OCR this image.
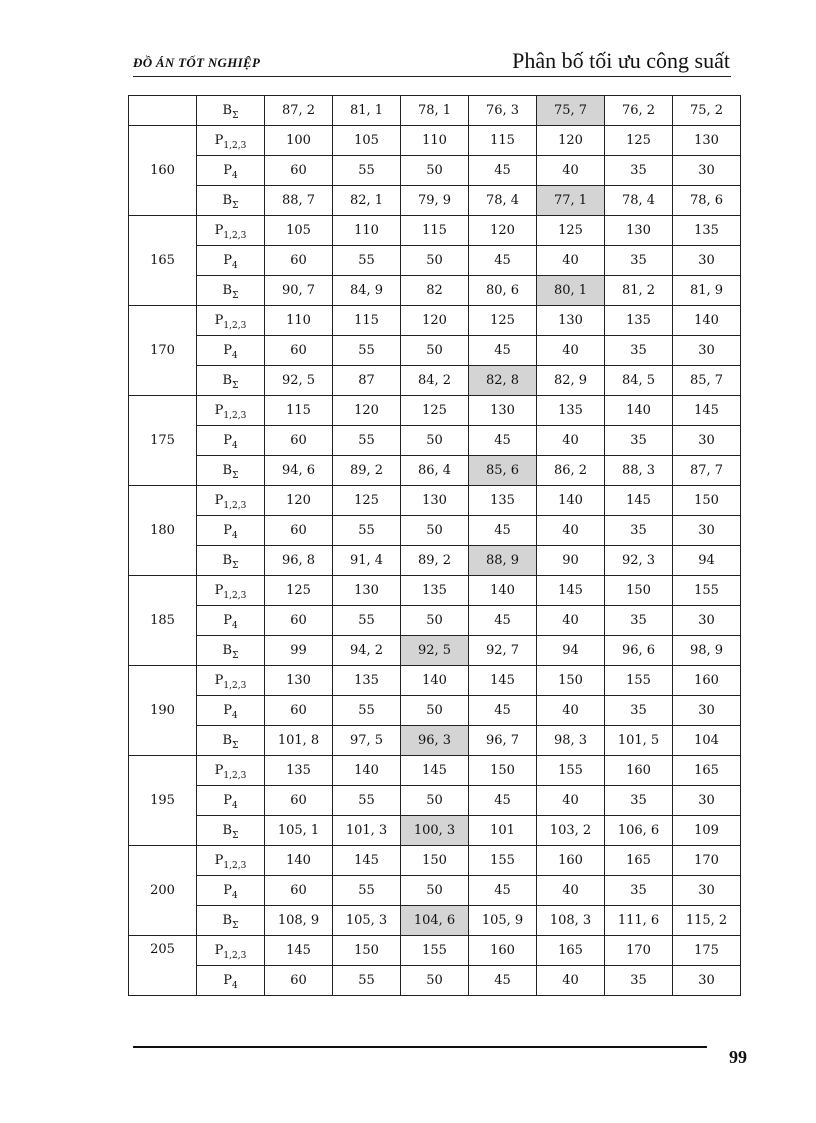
ĐỒ ÁN TỐT NGHIỆP	Phân bố tối ưu công suất
	$B_\Sigma$	87, 2	81, 1	78, 1	76, 3	75, 7	76, 2	75, 2
160	$P_{1,2,3}$	100	105	110	115	120	125	130
	$P_4$	60	55	50	45	40	35	30
	$B_\Sigma$	88, 7	82, 1	79, 9	78, 4	77, 1	78, 4	78, 6
165	$P_{1,2,3}$	105	110	115	120	125	130	135
	$P_4$	60	55	50	45	40	35	30
	$B_\Sigma$	90, 7	84, 9	82	80, 6	80, 1	81, 2	81, 9
170	$P_{1,2,3}$	110	115	120	125	130	135	140
	$P_4$	60	55	50	45	40	35	30
	$B_\Sigma$	92, 5	87	84, 2	82, 8	82, 9	84, 5	85, 7
175	$P_{1,2,3}$	115	120	125	130	135	140	145
	$P_4$	60	55	50	45	40	35	30
	$B_\Sigma$	94, 6	89, 2	86, 4	85, 6	86, 2	88, 3	87, 7
180	$P_{1,2,3}$	120	125	130	135	140	145	150
	$P_4$	60	55	50	45	40	35	30
	$B_\Sigma$	96, 8	91, 4	89, 2	88, 9	90	92, 3	94
185	$P_{1,2,3}$	125	130	135	140	145	150	155
	$P_4$	60	55	50	45	40	35	30
	$B_\Sigma$	99	94, 2	92, 5	92, 7	94	96, 6	98, 9
190	$P_{1,2,3}$	130	135	140	145	150	155	160
	$P_4$	60	55	50	45	40	35	30
	$B_\Sigma$	101, 8	97, 5	96, 3	96, 7	98, 3	101, 5	104
195	$P_{1,2,3}$	135	140	145	150	155	160	165
	$P_4$	60	55	50	45	40	35	30
	$B_\Sigma$	105, 1	101, 3	100, 3	101	103, 2	106, 6	109
200	$P_{1,2,3}$	140	145	150	155	160	165	170
	$P_4$	60	55	50	45	40	35	30
	$B_\Sigma$	108, 9	105, 3	104, 6	105, 9	108, 3	111, 6	115, 2
205	$P_{1,2,3}$	145	150	155	160	165	170	175
	$P_4$	60	55	50	45	40	35	30
99
